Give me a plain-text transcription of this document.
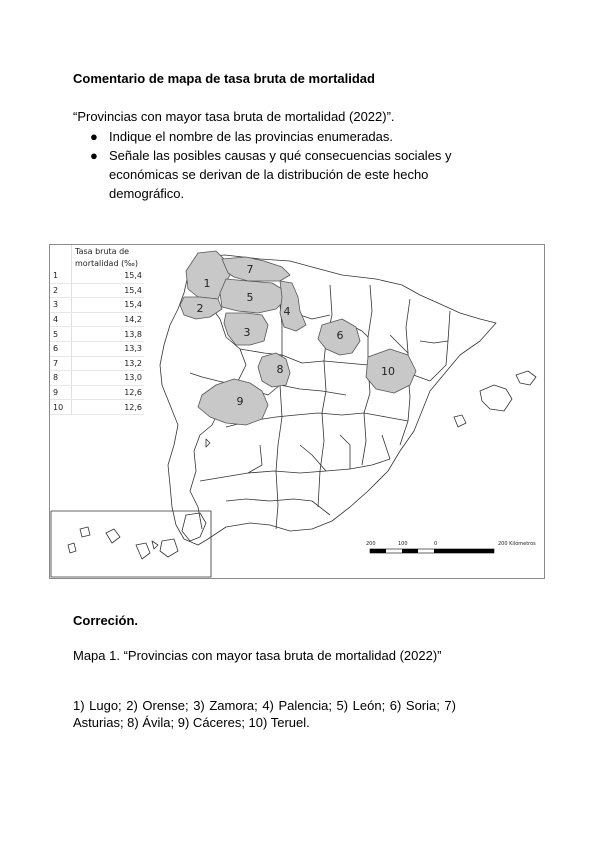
Comentario de mapa de tasa bruta de mortalidad
“Provincias con mayor tasa bruta de mortalidad (2022)”.
● Indique el nombre de las provincias enumeradas.
● Señale las posibles causas y qué consecuencias sociales y económicas se derivan de la distribución de este hecho demográfico.
1
2
3
4
5
6
7
8
9
10
200	100	0	200 Kilómetros
	Tasa bruta de
	mortalidad (‰)
1	15,4
2	15,4
3	15,4
4	14,2
5	13,8
6	13,3
7	13,2
8	13,0
9	12,6
10	12,6
Correción.
Mapa 1. “Provincias con mayor tasa bruta de mortalidad (2022)”
1) Lugo; 2) Orense; 3) Zamora; 4) Palencia; 5) León; 6) Soria; 7) Asturias; 8) Ávila; 9) Cáceres; 10) Teruel.
